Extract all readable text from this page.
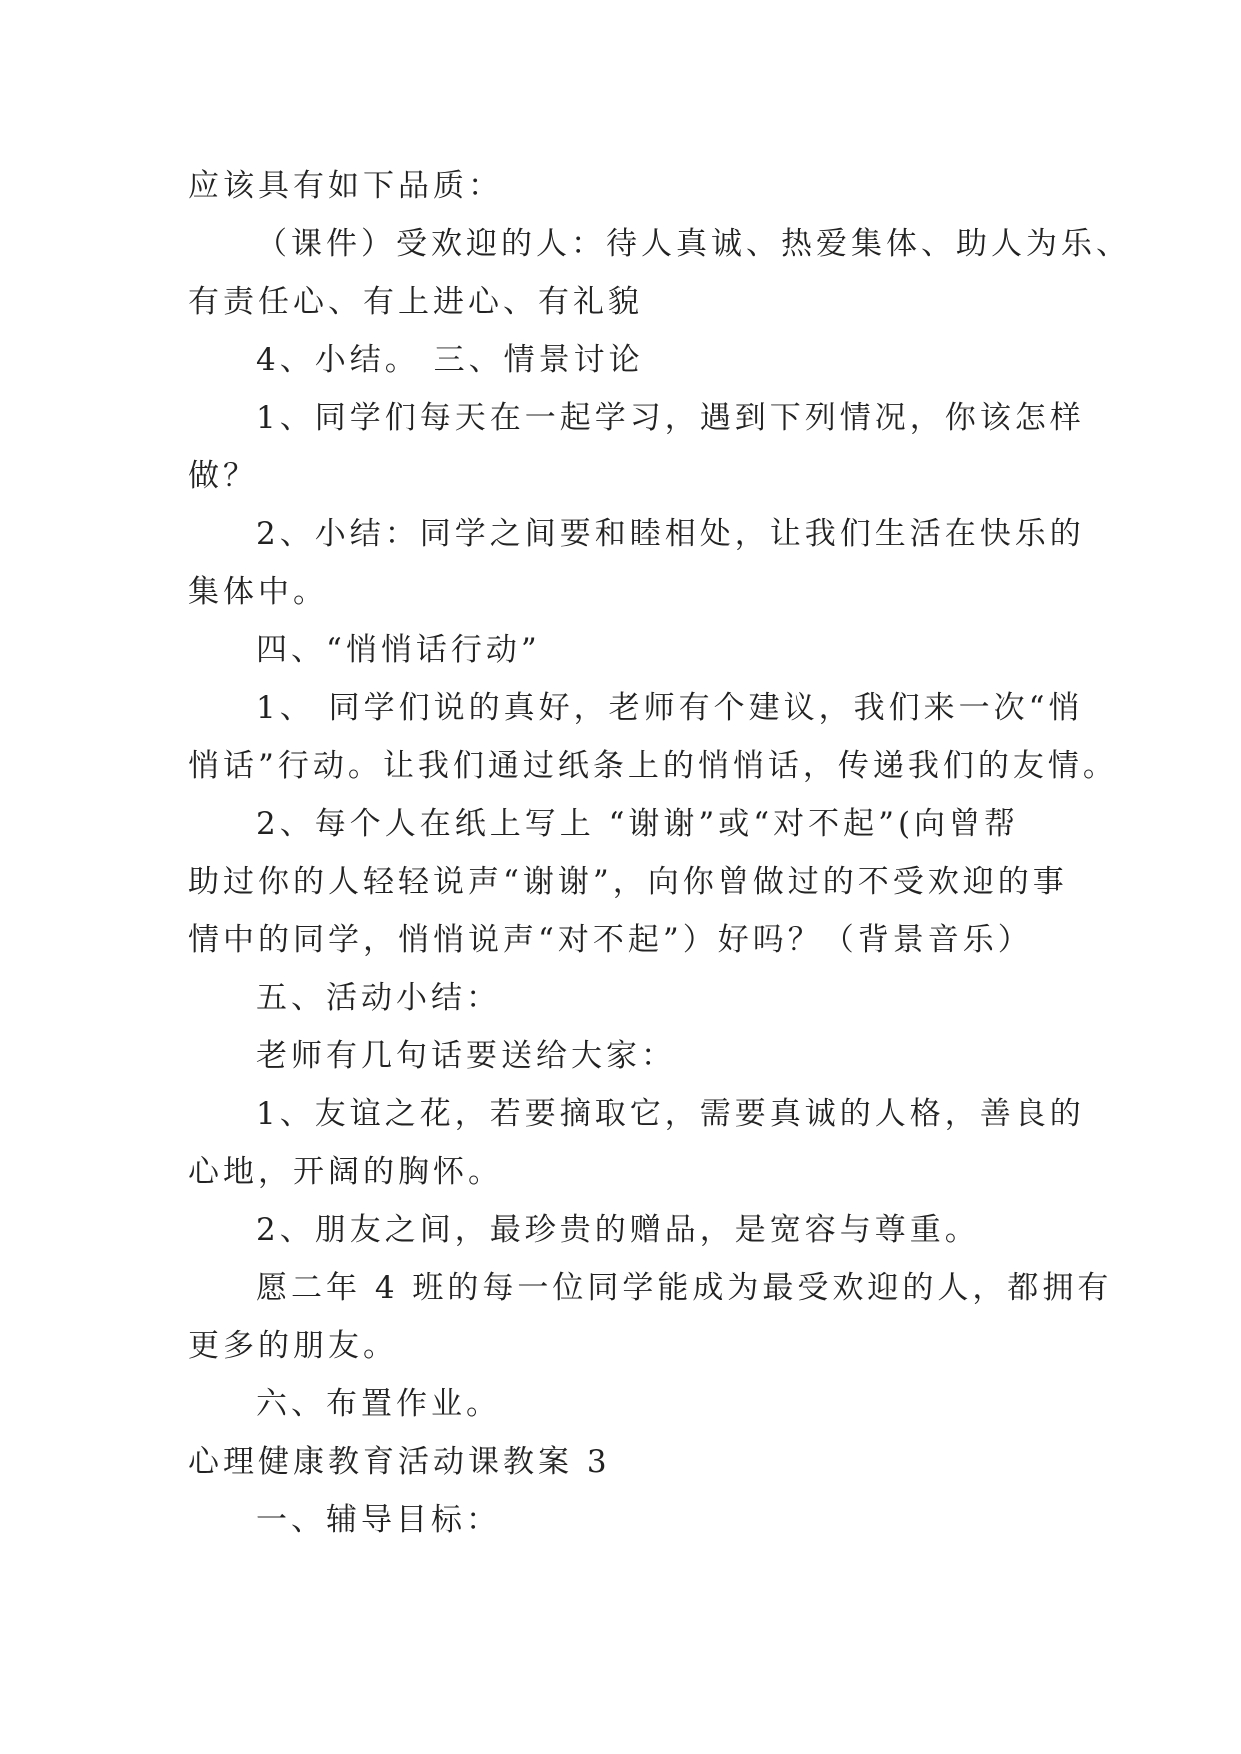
应该具有如下品质：

（课件）受欢迎的人：待人真诚、热爱集体、助人为乐、

有责任心、有上进心、有礼貌

4、小结。 三、情景讨论

1、同学们每天在一起学习，遇到下列情况，你该怎样

做？

2、小结：同学之间要和睦相处，让我们生活在快乐的

集体中。

四、“悄悄话行动”

1、 同学们说的真好，老师有个建议，我们来一次“悄

悄话”行动。让我们通过纸条上的悄悄话，传递我们的友情。

2、每个人在纸上写上 “谢谢”或“对不起”(向曾帮

助过你的人轻轻说声“谢谢”，向你曾做过的不受欢迎的事

情中的同学，悄悄说声“对不起”）好吗？（背景音乐）

五、活动小结：

老师有几句话要送给大家：

1、友谊之花，若要摘取它，需要真诚的人格，善良的

心地，开阔的胸怀。

2、朋友之间，最珍贵的赠品，是宽容与尊重。

愿二年 4 班的每一位同学能成为最受欢迎的人，都拥有

更多的朋友。

六、布置作业。

心理健康教育活动课教案 3

一、辅导目标：
